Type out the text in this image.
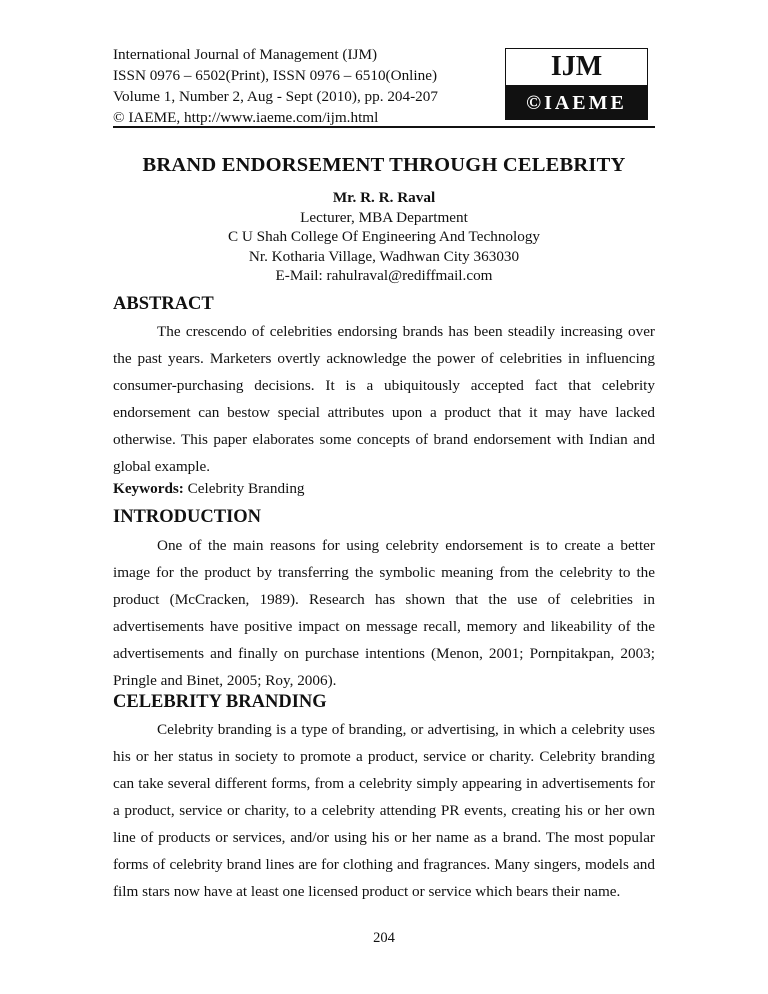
International Journal of Management (IJM)
ISSN 0976 – 6502(Print), ISSN 0976 – 6510(Online)
Volume 1, Number 2, Aug - Sept (2010), pp. 204-207
© IAEME, http://www.iaeme.com/ijm.html
IJM
©IAEME
BRAND ENDORSEMENT THROUGH CELEBRITY
Mr. R. R. Raval
Lecturer, MBA Department
C U Shah College Of Engineering And Technology
Nr. Kotharia Village, Wadhwan City 363030
E-Mail: rahulraval@rediffmail.com
ABSTRACT

The crescendo of celebrities endorsing brands has been steadily increasing over the past years. Marketers overtly acknowledge the power of celebrities in influencing consumer-purchasing decisions. It is a ubiquitously accepted fact that celebrity endorsement can bestow special attributes upon a product that it may have lacked otherwise. This paper elaborates some concepts of brand endorsement with Indian and global example.

Keywords: Celebrity Branding
INTRODUCTION

One of the main reasons for using celebrity endorsement is to create a better image for the product by transferring the symbolic meaning from the celebrity to the product (McCracken, 1989). Research has shown that the use of celebrities in advertisements have positive impact on message recall, memory and likeability of the advertisements and finally on purchase intentions (Menon, 2001; Pornpitakpan, 2003; Pringle and Binet, 2005; Roy, 2006).

CELEBRITY BRANDING

Celebrity branding is a type of branding, or advertising, in which a celebrity uses his or her status in society to promote a product, service or charity. Celebrity branding can take several different forms, from a celebrity simply appearing in advertisements for a product, service or charity, to a celebrity attending PR events, creating his or her own line of products or services, and/or using his or her name as a brand. The most popular forms of celebrity brand lines are for clothing and fragrances. Many singers, models and film stars now have at least one licensed product or service which bears their name.

204
